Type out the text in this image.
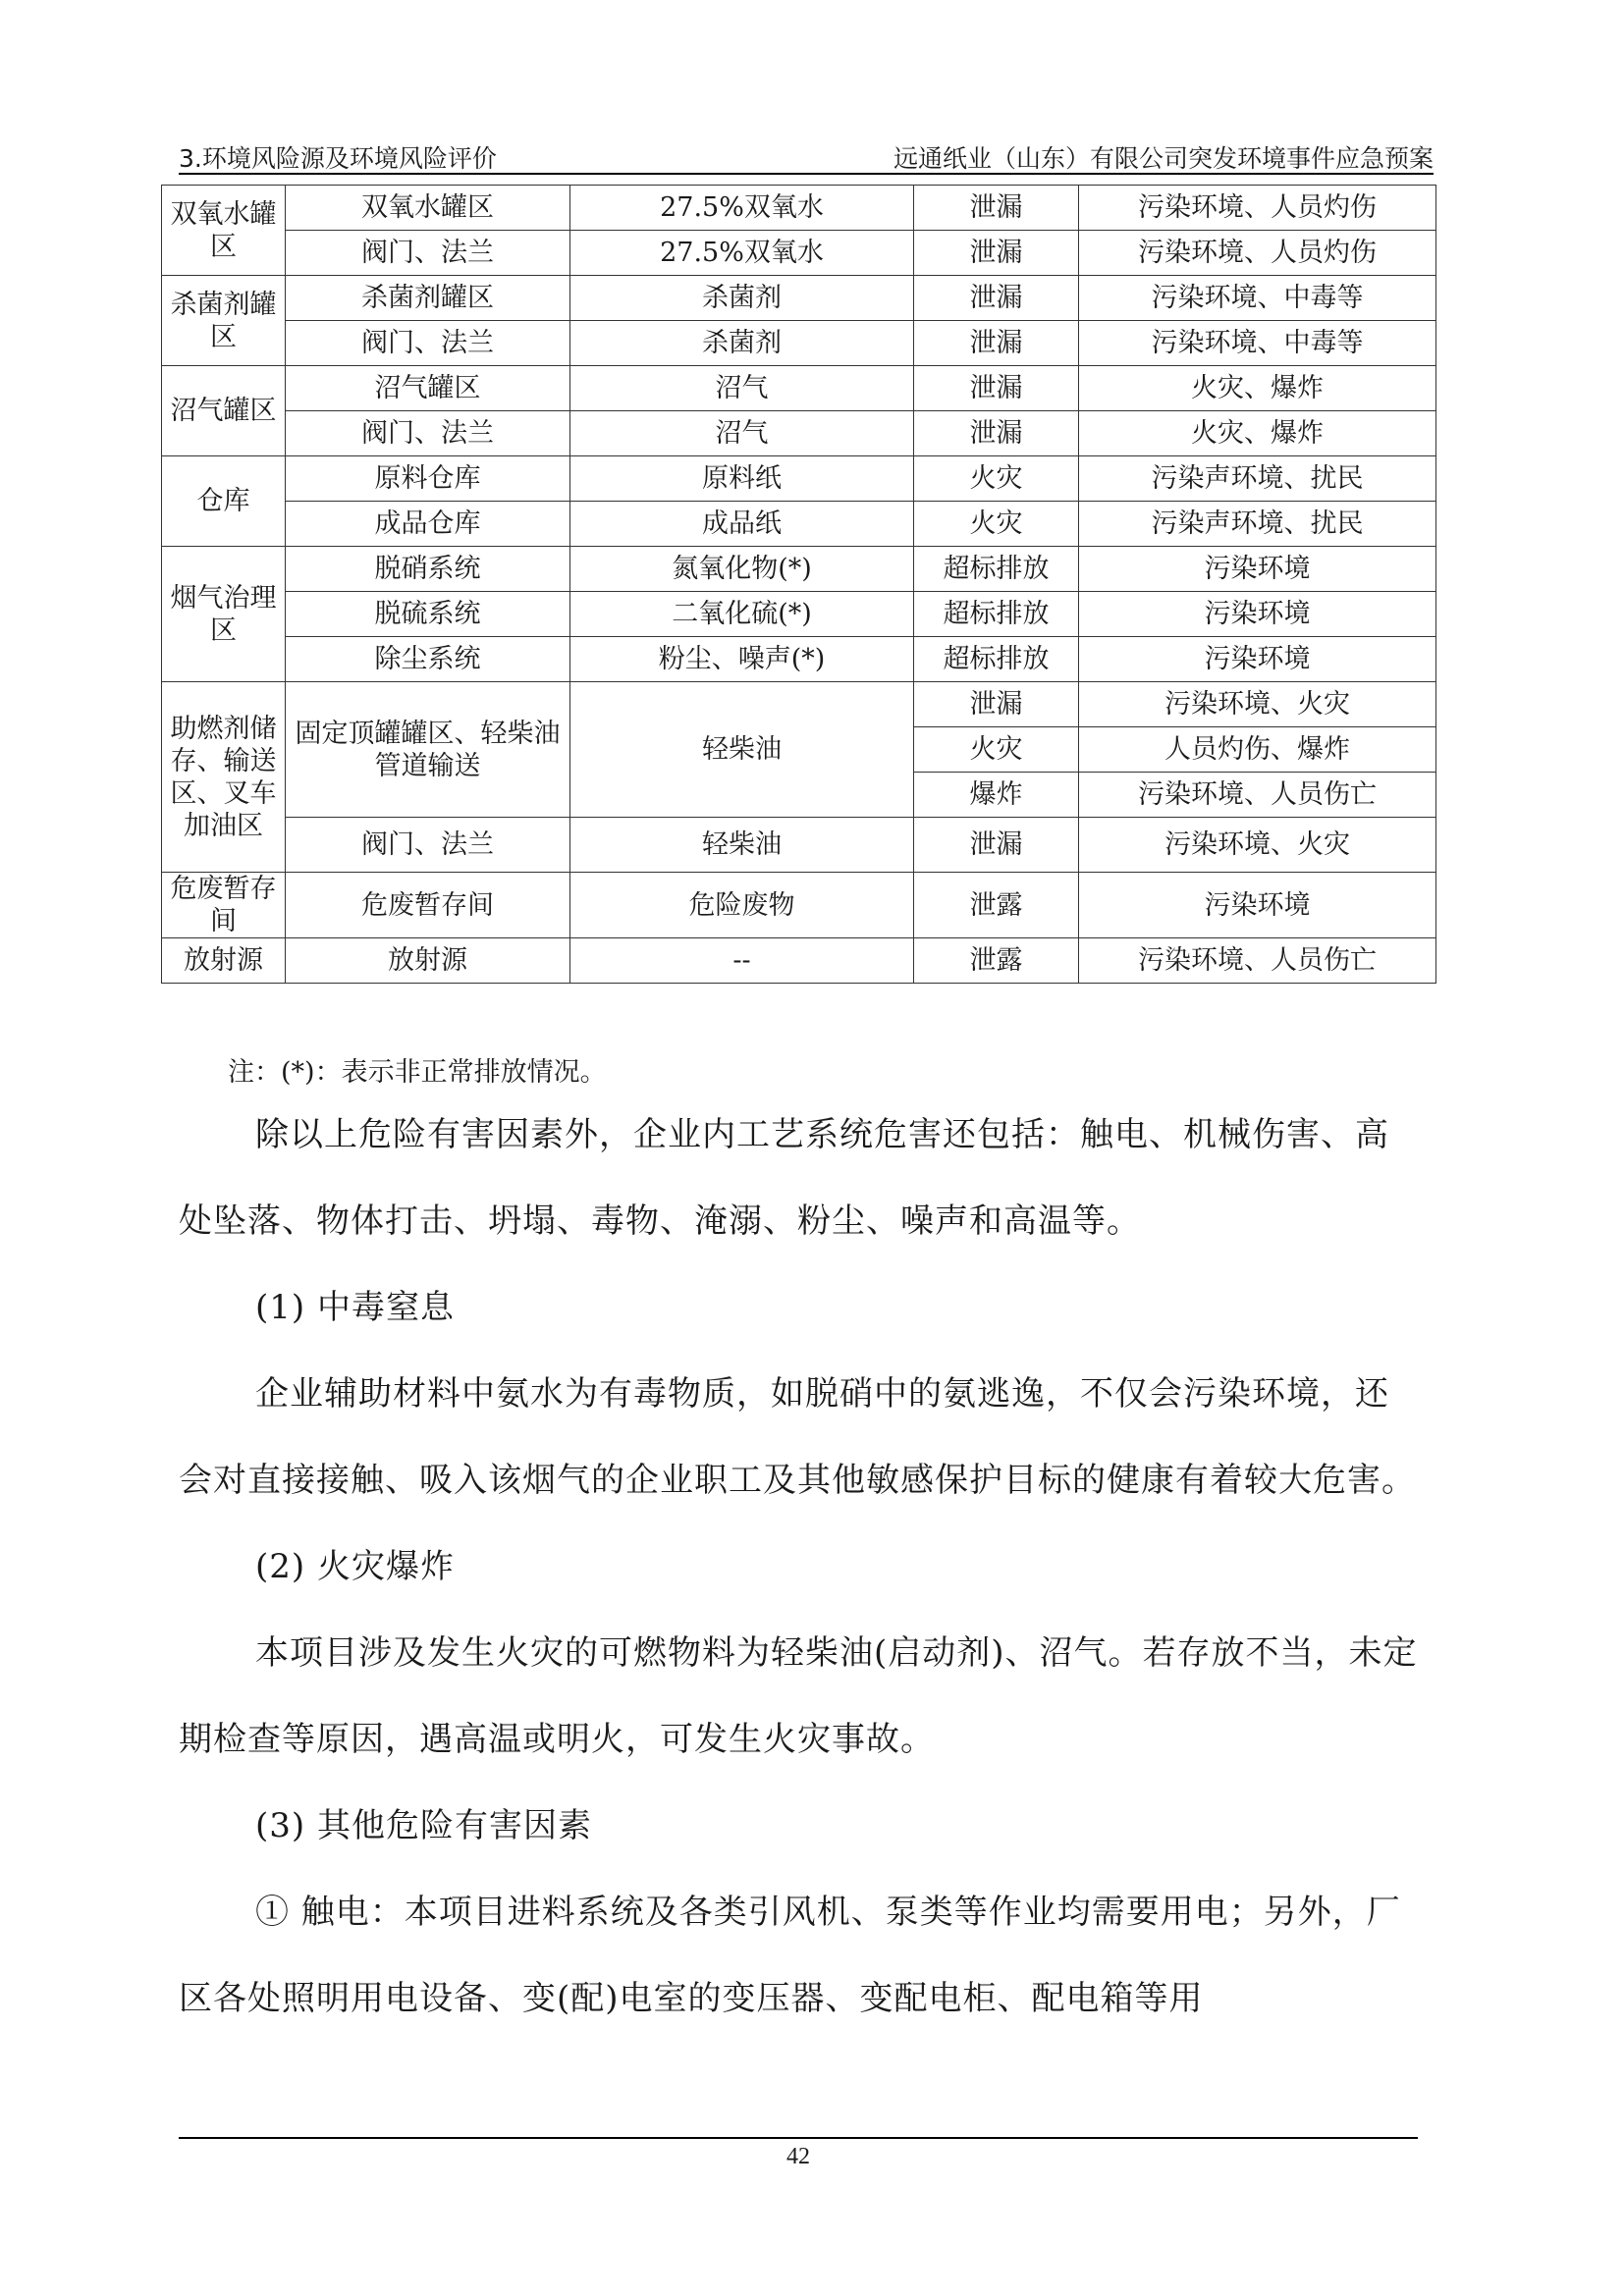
3.环境风险源及环境风险评价	远通纸业（山东）有限公司突发环境事件应急预案
双氧水罐区	双氧水罐区	27.5%双氧水	泄漏	污染环境、人员灼伤
	阀门、法兰	27.5%双氧水	泄漏	污染环境、人员灼伤
杀菌剂罐区	杀菌剂罐区	杀菌剂	泄漏	污染环境、中毒等
	阀门、法兰	杀菌剂	泄漏	污染环境、中毒等
沼气罐区	沼气罐区	沼气	泄漏	火灾、爆炸
	阀门、法兰	沼气	泄漏	火灾、爆炸
仓库	原料仓库	原料纸	火灾	污染声环境、扰民
	成品仓库	成品纸	火灾	污染声环境、扰民
烟气治理区	脱硝系统	氮氧化物(*)	超标排放	污染环境
	脱硫系统	二氧化硫(*)	超标排放	污染环境
	除尘系统	粉尘、噪声(*)	超标排放	污染环境
助燃剂储存、输送区、叉车加油区	固定顶罐罐区、轻柴油管道输送	轻柴油	泄漏	污染环境、火灾
			火灾	人员灼伤、爆炸
			爆炸	污染环境、人员伤亡
	阀门、法兰	轻柴油	泄漏	污染环境、火灾
危废暂存间	危废暂存间	危险废物	泄露	污染环境
放射源	放射源	--	泄露	污染环境、人员伤亡
注：(*)：表示非正常排放情况。

除以上危险有害因素外，企业内工艺系统危害还包括：触电、机械伤害、高处坠落、物体打击、坍塌、毒物、淹溺、粉尘、噪声和高温等。

(1) 中毒窒息

企业辅助材料中氨水为有毒物质，如脱硝中的氨逃逸，不仅会污染环境，还会对直接接触、吸入该烟气的企业职工及其他敏感保护目标的健康有着较大危害。

(2) 火灾爆炸

本项目涉及发生火灾的可燃物料为轻柴油(启动剂)、沼气。若存放不当，未定期检查等原因，遇高温或明火，可发生火灾事故。

(3) 其他危险有害因素

① 触电：本项目进料系统及各类引风机、泵类等作业均需要用电；另外，厂区各处照明用电设备、变(配)电室的变压器、变配电柜、配电箱等用

42
